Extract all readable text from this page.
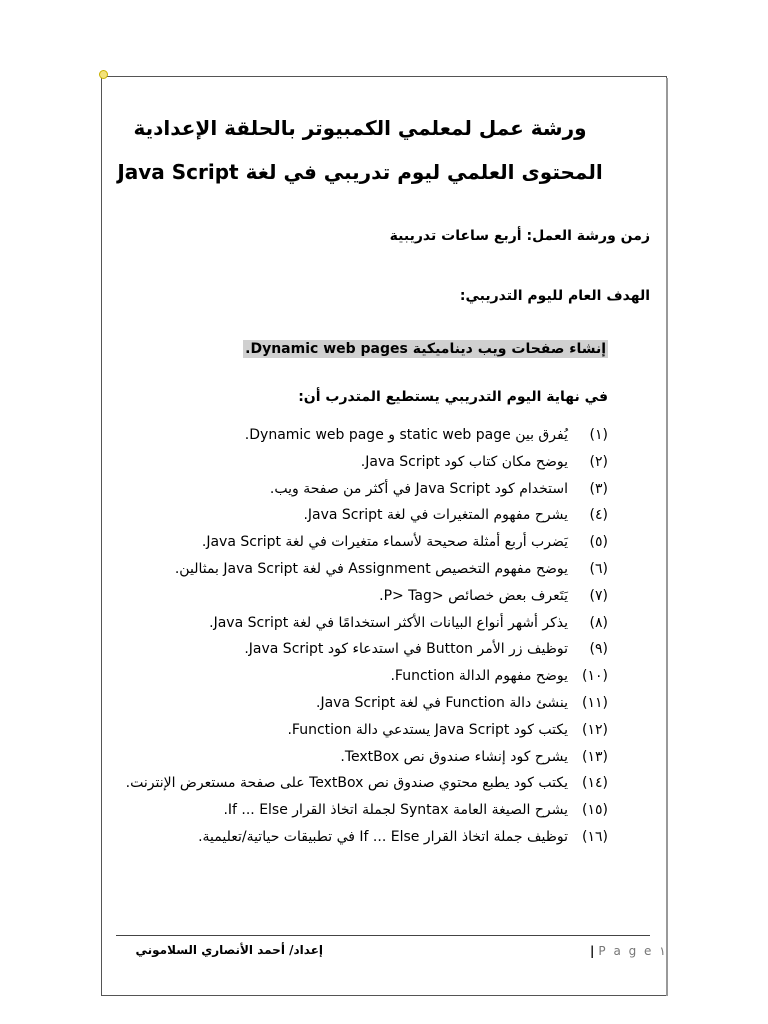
ورشة عمل لمعلمي الكمبيوتر بالحلقة الإعدادية
المحتوى العلمي ليوم تدريبي في لغة Java Script
زمن ورشة العمل: أربع ساعات تدريبية
الهدف العام لليوم التدريبي:
إنشاء صفحات ويب ديناميكية Dynamic web pages.
في نهاية اليوم التدريبي يستطيع المتدرب أن:
(١)
يُفرق بين static web page و Dynamic web page.
(٢)
يوضح مكان كتاب كود Java Script.
(٣)
استخدام كود Java Script في أكثر من صفحة ويب.
(٤)
يشرح مفهوم المتغيرات في لغة Java Script.
(٥)
يَضرب أربع أمثلة صحيحة لأسماء متغيرات في لغة Java Script.
(٦)
يوضح مفهوم التخصيص Assignment في لغة Java Script بمثالين.
(٧)
يَتَعرف بعض خصائص <P> Tag.
(٨)
يذكر أشهر أنواع البيانات الأكثر استخدامًا في لغة Java Script.
(٩)
توظيف زر الأمر Button في استدعاء كود Java Script.
(١٠)
يوضح مفهوم الدالة Function.
(١١)
ينشئ دالة Function في لغة Java Script.
(١٢)
يكتب كود Java Script يستدعي دالة Function.
(١٣)
يشرح كود إنشاء صندوق نص TextBox.
(١٤)
يكتب كود يطبع محتوي صندوق نص TextBox على صفحة مستعرض الإنترنت.
(١٥)
يشرح الصيغة العامة Syntax لجملة اتخاذ القرار If ... Else.
(١٦)
توظيف جملة اتخاذ القرار If ... Else في تطبيقات حياتية/تعليمية.
| P a g e ١
إعداد/ أحمد الأنصاري السلاموني
